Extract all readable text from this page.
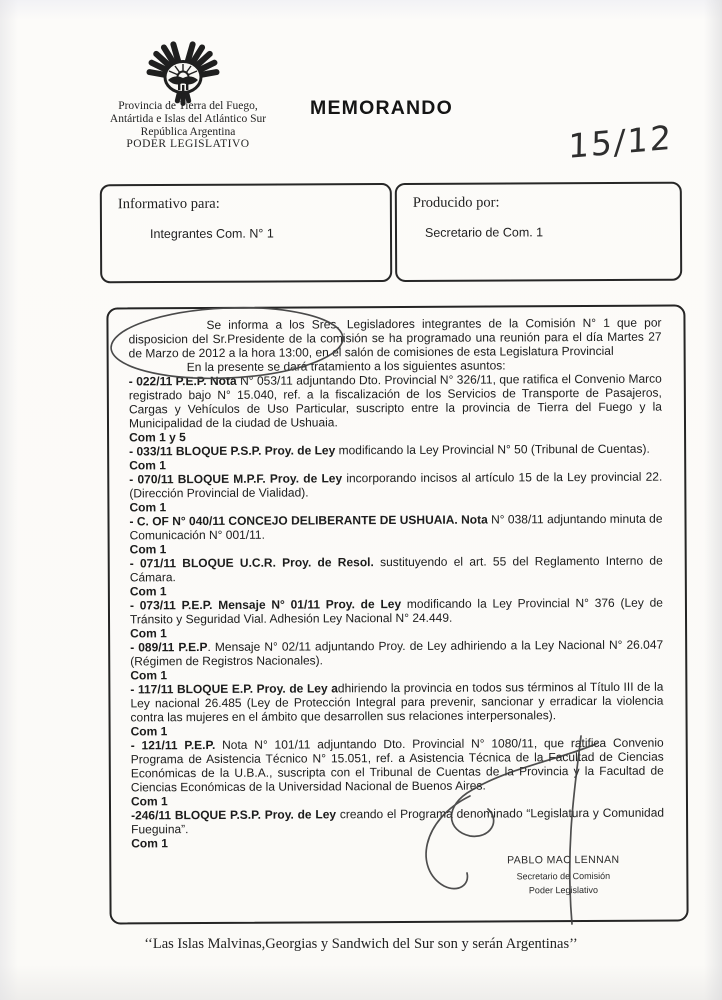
Provincia de Tierra del Fuego,
Antártida e Islas del Atlántico Sur
República Argentina
PODER LEGISLATIVO
MEMORANDO
15/12
Informativo para:
Integrantes Com. N° 1
Producido por:
Secretario de Com. 1

Se informa a los Sres. Legisladores integrantes de la Comisión N° 1 que por disposicion del Sr.Presidente de la comisión se ha programado una reunión para el día Martes 27 de Marzo de 2012 a la hora 13:00, en el salón de comisiones de esta Legislatura Provincial

En la presente se dará tratamiento a los siguientes asuntos:

- 022/11 P.E.P. Nota N° 053/11 adjuntando Dto. Provincial N° 326/11, que ratifica el Convenio Marco registrado bajo N° 15.040, ref. a la fiscalización de los Servicios de Transporte de Pasajeros, Cargas y Vehículos de Uso Particular, suscripto entre la provincia de Tierra del Fuego y la Municipalidad de la ciudad de Ushuaia.

Com 1 y 5

- 033/11 BLOQUE P.S.P. Proy. de Ley modificando la Ley Provincial N° 50 (Tribunal de Cuentas).

Com 1

- 070/11 BLOQUE M.P.F. Proy. de Ley incorporando incisos al artículo 15 de la Ley provincial 22. (Dirección Provincial de Vialidad).

Com 1

- C. OF N° 040/11 CONCEJO DELIBERANTE DE USHUAIA. Nota N° 038/11 adjuntando minuta de Comunicación N° 001/11.

Com 1

- 071/11 BLOQUE U.C.R. Proy. de Resol. sustituyendo el art. 55 del Reglamento Interno de Cámara.

Com 1

- 073/11 P.E.P. Mensaje N° 01/11 Proy. de Ley modificando la Ley Provincial N° 376 (Ley de Tránsito y Seguridad Vial. Adhesión Ley Nacional N° 24.449.

Com 1

- 089/11 P.E.P. Mensaje N° 02/11 adjuntando Proy. de Ley adhiriendo a la Ley Nacional N° 26.047 (Régimen de Registros Nacionales).

Com 1

- 117/11 BLOQUE E.P. Proy. de Ley adhiriendo la provincia en todos sus términos al Título III de la Ley nacional 26.485 (Ley de Protección Integral para prevenir, sancionar y erradicar la violencia contra las mujeres en el ámbito que desarrollen sus relaciones interpersonales).

Com 1

- 121/11 P.E.P. Nota N° 101/11 adjuntando Dto. Provincial N° 1080/11, que ratifica Convenio Programa de Asistencia Técnico N° 15.051, ref. a Asistencia Técnica de la Facultad de Ciencias Económicas de la U.B.A., suscripta con el Tribunal de Cuentas de la Provincia y la Facultad de Ciencias Económicas de la Universidad Nacional de Buenos Aires.

Com 1

-246/11 BLOQUE P.S.P. Proy. de Ley creando el Programa denominado “Legislatura y Comunidad Fueguina”.

Com 1
PABLO MAC LENNAN
Secretario de Comisión
Poder Legislativo
‘‘Las Islas Malvinas,Georgias y Sandwich del Sur son y serán Argentinas’’
